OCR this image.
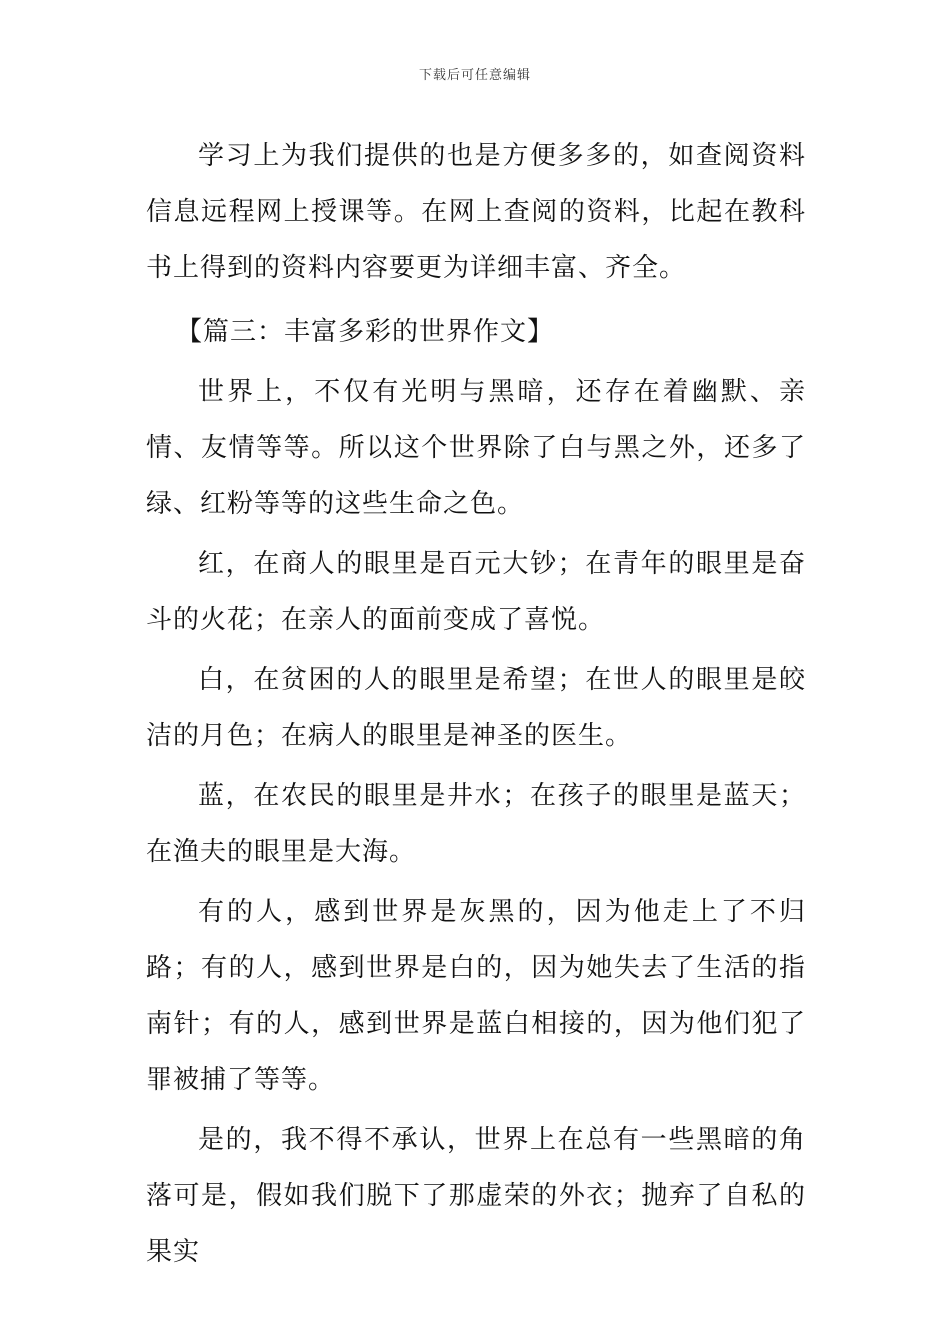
下载后可任意编辑

学习上为我们提供的也是方便多多的，如查阅资料信息远程网上授课等。在网上查阅的资料，比起在教科书上得到的资料内容要更为详细丰富、齐全。

【篇三：丰富多彩的世界作文】

世界上，不仅有光明与黑暗，还存在着幽默、亲情、友情等等。所以这个世界除了白与黑之外，还多了绿、红粉等等的这些生命之色。

红，在商人的眼里是百元大钞；在青年的眼里是奋斗的火花；在亲人的面前变成了喜悦。

白，在贫困的人的眼里是希望；在世人的眼里是皎洁的月色；在病人的眼里是神圣的医生。

蓝，在农民的眼里是井水；在孩子的眼里是蓝天；在渔夫的眼里是大海。

有的人，感到世界是灰黑的，因为他走上了不归路；有的人，感到世界是白的，因为她失去了生活的指南针；有的人，感到世界是蓝白相接的，因为他们犯了罪被捕了等等。

是的，我不得不承认，世界上在总有一些黑暗的角落可是，假如我们脱下了那虚荣的外衣；抛弃了自私的果实
